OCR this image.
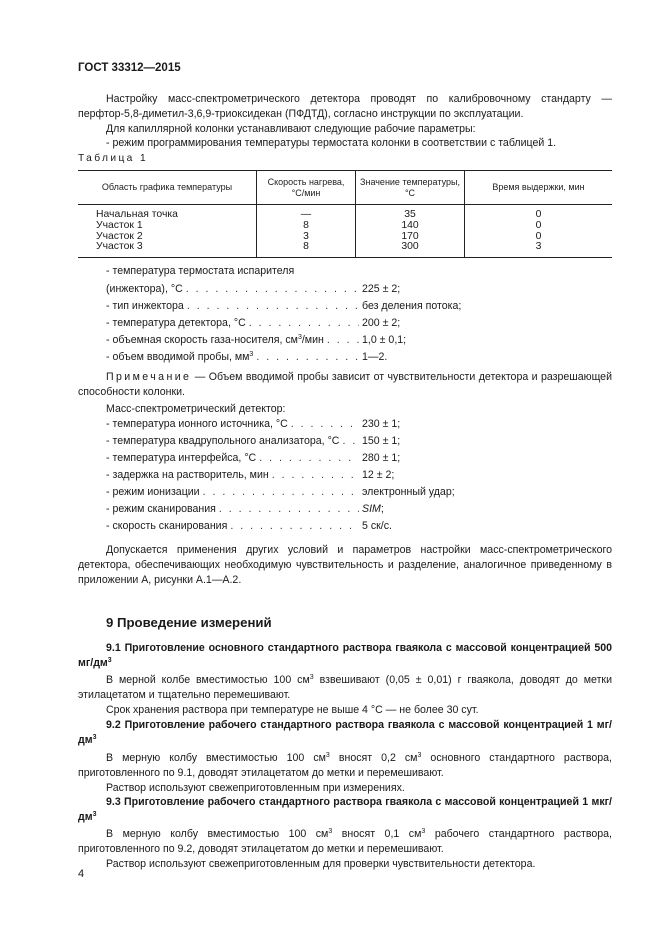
ГОСТ 33312—2015

Настройку масс-спектрометрического детектора проводят по калибровочному стандарту — перфтор-5,8-диметил-3,6,9-триоксидекан (ПФДТД), согласно инструкции по эксплуатации.

Для капиллярной колонки устанавливают следующие рабочие параметры:

- режим программирования температуры термостата колонки в соответствии с таблицей 1.

Таблица 1
Область графика температуры	Скорость нагрева, °С/мин	Значение температуры, °С	Время выдержки, мин
Начальная точка	—	35	0
Участок 1	8	140	0
Участок 2	3	170	0
Участок 3	8	300	3
- температура термостата испарителя
(инжектора), °С . . .	225 ± 2;
- тип инжектора . . .	без деления потока;
- температура детектора, °С . . .	200 ± 2;
- объемная скорость газа-носителя, $см^3$/мин . . .	1,0 ± 0,1;
- объем вводимой пробы, $мм^3$ . . .	1—2.
Примечание — Объем вводимой пробы зависит от чувствительности детектора и разрешающей способности колонки.
Масс-спектрометрический детектор:
- температура ионного источника, °С . . .	230 ± 1;
- температура квадрупольного анализатора, °С . . . 150 ± 1;
- температура интерфейса, °С . . .	280 ± 1;
- задержка на растворитель, мин . . .	12 ± 2;
- режим ионизации . . .	электронный удар;
- режим сканирования . . .	SIM;
- скорость сканирования . . .	5 ск/с.

Допускается применения других условий и параметров настройки масс-спектрометрического детектора, обеспечивающих необходимую чувствительность и разделение, аналогичное приведенному в приложении А, рисунки А.1—А.2.

9 Проведение измерений
9.1 Приготовление основного стандартного раствора гваякола с массовой концентрацией 500 $мг/дм^3$

В мерной колбе вместимостью 100 $см^3$ взвешивают (0,05 ± 0,01) г гваякола, доводят до метки этилацетатом и тщательно перемешивают.

Срок хранения раствора при температуре не выше 4 °С — не более 30 сут.

9.2 Приготовление рабочего стандартного раствора гваякола с массовой концентрацией 1 $мг/дм^3$

В мерную колбу вместимостью 100 $см^3$ вносят 0,2 $см^3$ основного стандартного раствора, приготовленного по 9.1, доводят этилацетатом до метки и перемешивают.

Раствор используют свежеприготовленным при измерениях.

9.3 Приготовление рабочего стандартного раствора гваякола с массовой концентрацией 1 мкг/$дм^3$

В мерную колбу вместимостью 100 $см^3$ вносят 0,1 $см^3$ рабочего стандартного раствора, приготовленного по 9.2, доводят этилацетатом до метки и перемешивают.

Раствор используют свежеприготовленным для проверки чувствительности детектора.

4
